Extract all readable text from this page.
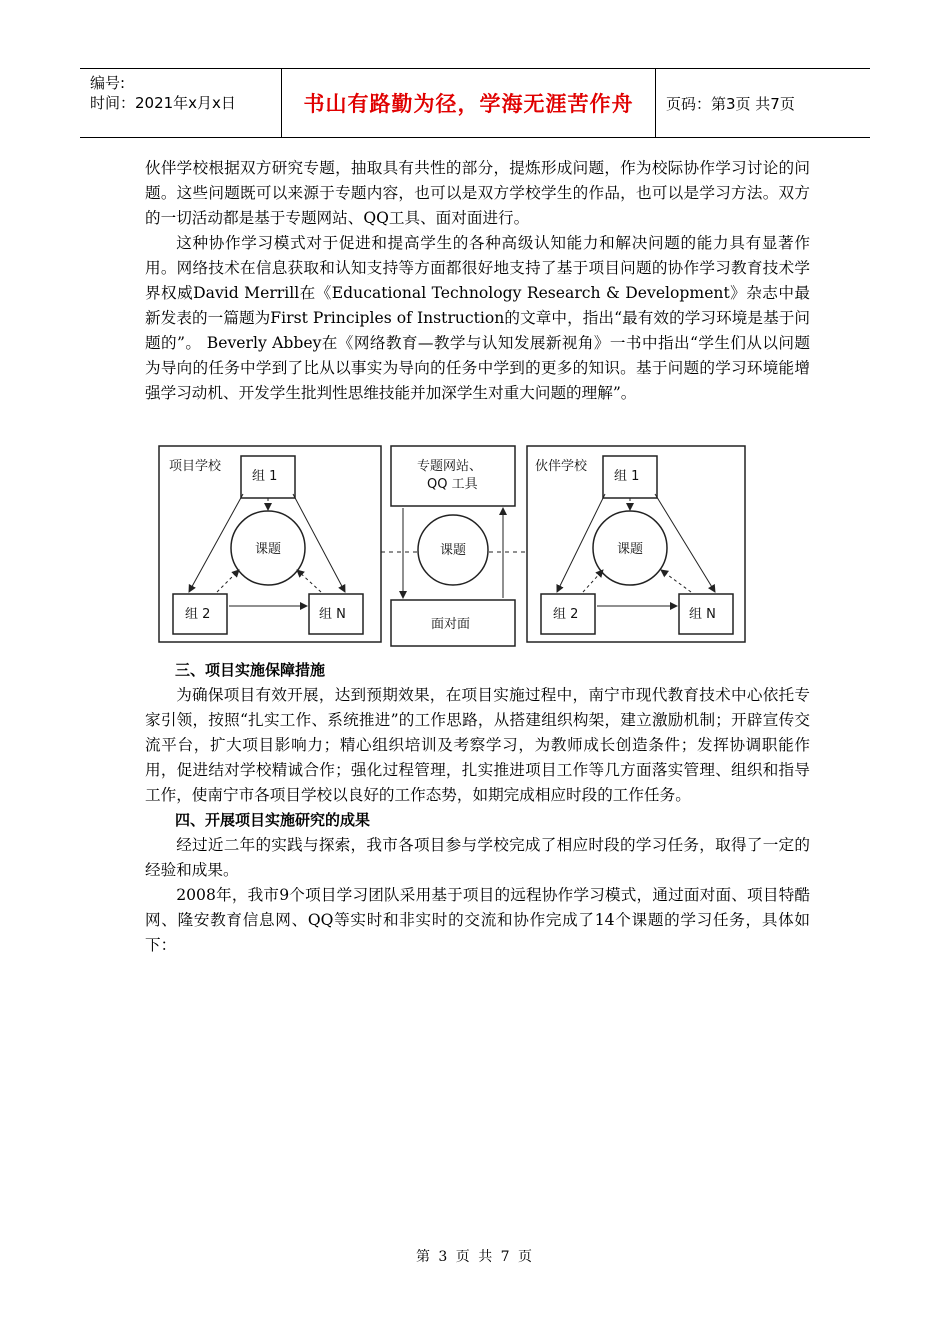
编号:
时间：2021年x月x日	书山有路勤为径，学海无涯苦作舟	页码：第3页 共7页

伙伴学校根据双方研究专题，抽取具有共性的部分，提炼形成问题，作为校际协作学习讨论的问题。这些问题既可以来源于专题内容，也可以是双方学校学生的作品，也可以是学习方法。双方的一切活动都是基于专题网站、QQ工具、面对面进行。

这种协作学习模式对于促进和提高学生的各种高级认知能力和解决问题的能力具有显著作用。网络技术在信息获取和认知支持等方面都很好地支持了基于项目问题的协作学习教育技术学界权威David Merrill在《Educational Technology Research & Development》杂志中最新发表的一篇题为First Principles of Instruction的文章中，指出“最有效的学习环境是基于问题的”。 Beverly Abbey在《网络教育—教学与认知发展新视角》一书中指出“学生们从以问题为导向的任务中学到了比从以事实为导向的任务中学到的更多的知识。基于问题的学习环境能增强学习动机、开发学生批判性思维技能并加深学生对重大问题的理解”。

项目学校
组 1
课题
组 2	组 N
专题网站、
QQ 工具
课题
面对面
伙伴学校
组 1
课题
组 2	组 N

三、项目实施保障措施

为确保项目有效开展，达到预期效果，在项目实施过程中，南宁市现代教育技术中心依托专家引领，按照“扎实工作、系统推进”的工作思路，从搭建组织构架，建立激励机制；开辟宣传交流平台，扩大项目影响力；精心组织培训及考察学习，为教师成长创造条件；发挥协调职能作用，促进结对学校精诚合作；强化过程管理，扎实推进项目工作等几方面落实管理、组织和指导工作，使南宁市各项目学校以良好的工作态势，如期完成相应时段的工作任务。

四、开展项目实施研究的成果

经过近二年的实践与探索，我市各项目参与学校完成了相应时段的学习任务，取得了一定的经验和成果。

2008年，我市9个项目学习团队采用基于项目的远程协作学习模式，通过面对面、项目特酷网、隆安教育信息网、QQ等实时和非实时的交流和协作完成了14个课题的学习任务，具体如下：

第 3 页 共 7 页
